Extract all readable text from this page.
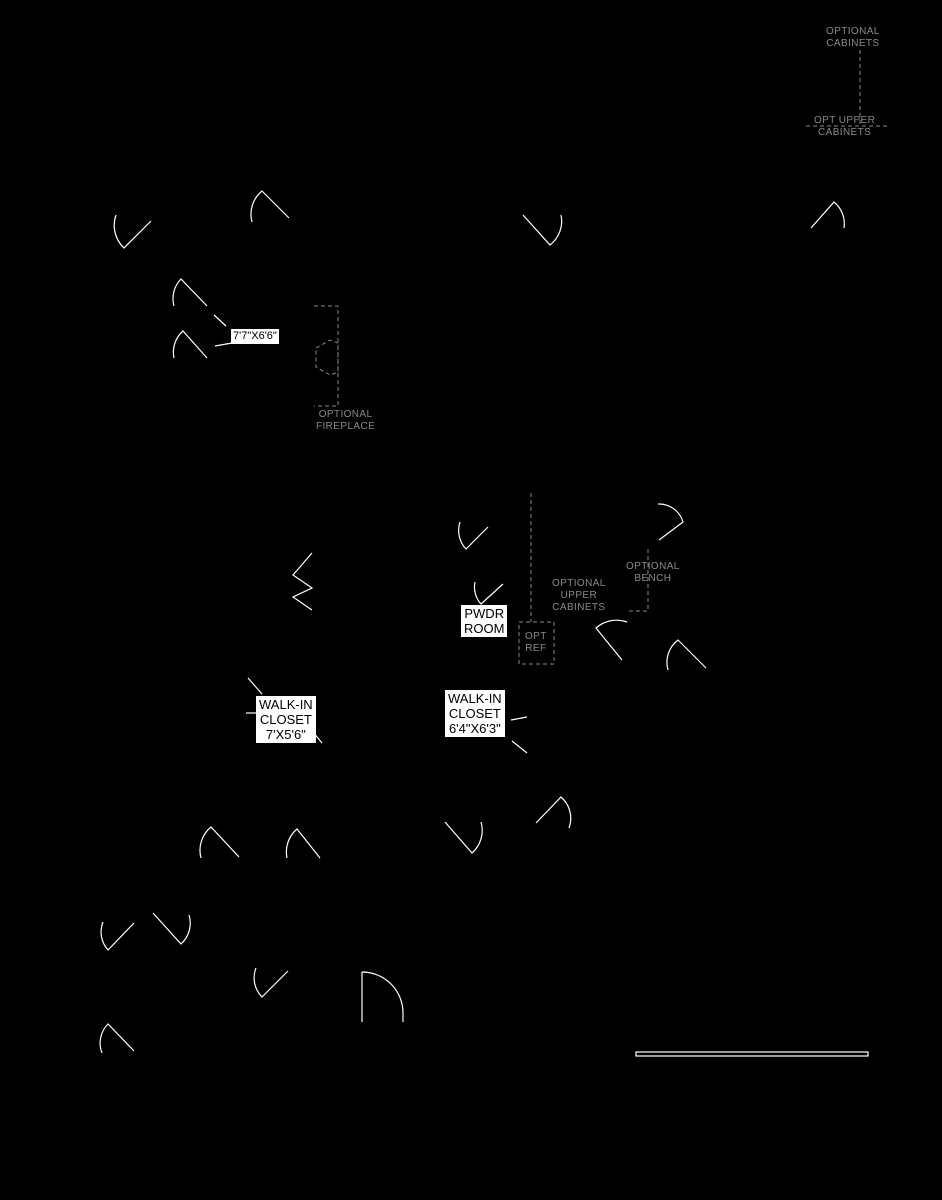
OPTIONAL
CABINETS
OPT UPPER
CABINETS
OPTIONAL
FIREPLACE
OPTIONAL
BENCH
OPTIONAL
UPPER
CABINETS
OPT
REF
7'7"X6'6"
PWDR
ROOM
WALK-IN
CLOSET
7'X5'6"
WALK-IN
CLOSET
6'4"X6'3"
